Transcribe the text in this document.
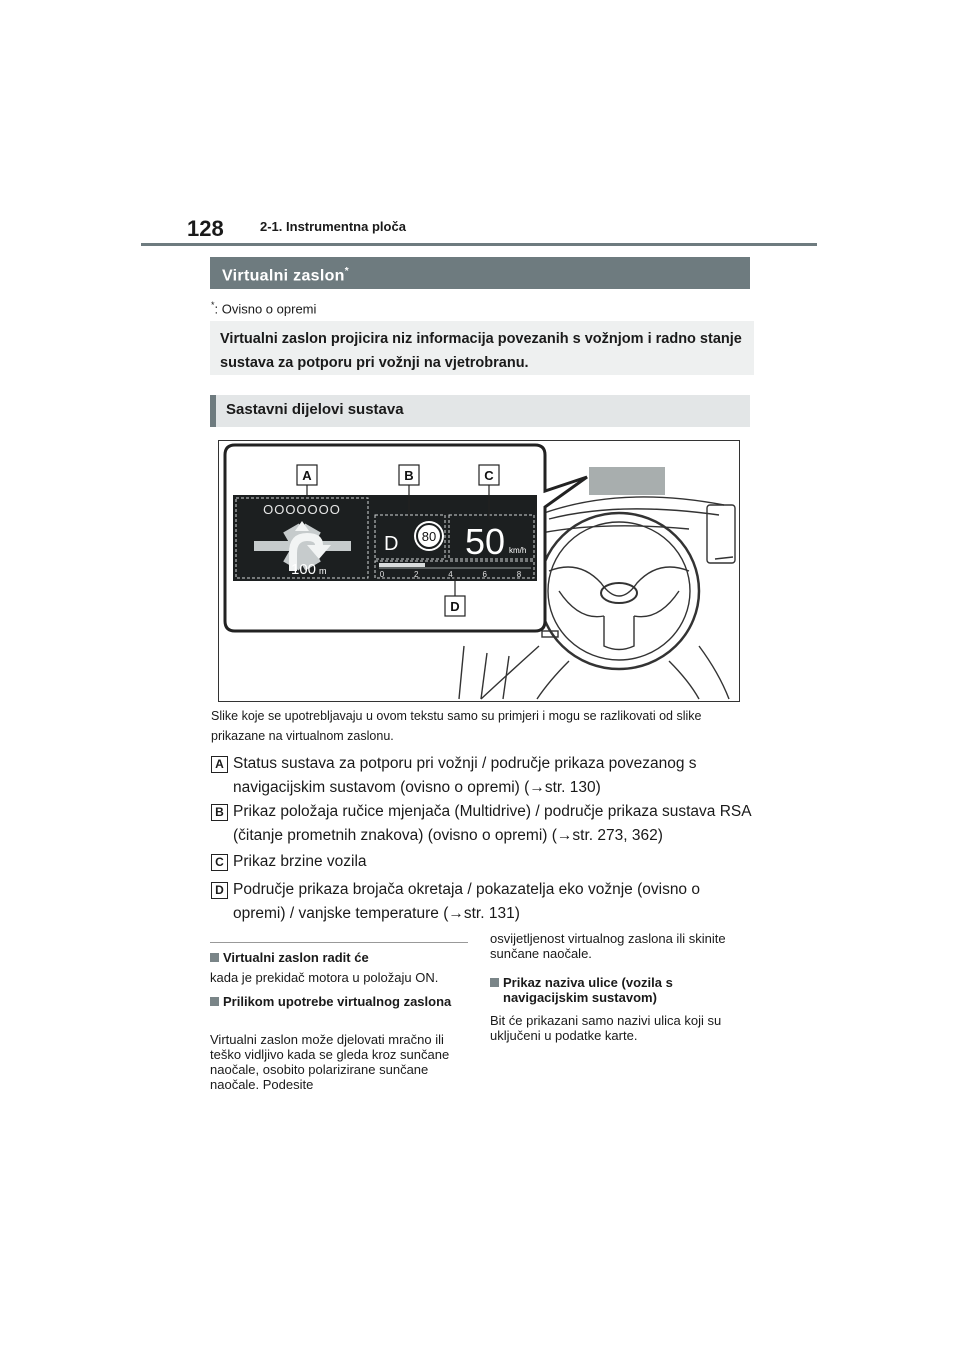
128	2-1. Instrumentna ploča
Virtualni zaslon*
*: Ovisno o opremi
Virtualni zaslon projicira niz informacija povezanih s vožnjom i radno stanje sustava za potporu pri vožnji na vjetrobranu.
Sastavni dijelovi sustava
OOOOOOO
100 m
D 80 50 km/h
0	2	4	6	8
A	B	C
D
Slike koje se upotrebljavaju u ovom tekstu samo su primjeri i mogu se razlikovati od slike prikazane na virtualnom zaslonu.
A Status sustava za potporu pri vožnji / područje prikaza povezanog s navigacijskim sustavom (ovisno o opremi) (→str. 130)
B Prikaz položaja ručice mjenjača (Multidrive) / područje prikaza sustava RSA (čitanje prometnih znakova) (ovisno o opremi) (→str. 273, 362)
C Prikaz brzine vozila
D Područje prikaza brojača okretaja / pokazatelja eko vožnje (ovisno o opremi) / vanjske temperature (→str. 131)
Virtualni zaslon radit će
kada je prekidač motora u položaju ON.
Prilikom upotrebe virtualnog zaslona
Virtualni zaslon može djelovati mračno ili teško vidljivo kada se gleda kroz sunčane naočale, osobito polarizirane sunčane naočale. Podesite
osvijetljenost virtualnog zaslona ili skinite sunčane naočale.
Prikaz naziva ulice (vozila s navigacijskim sustavom)
Bit će prikazani samo nazivi ulica koji su uključeni u podatke karte.
